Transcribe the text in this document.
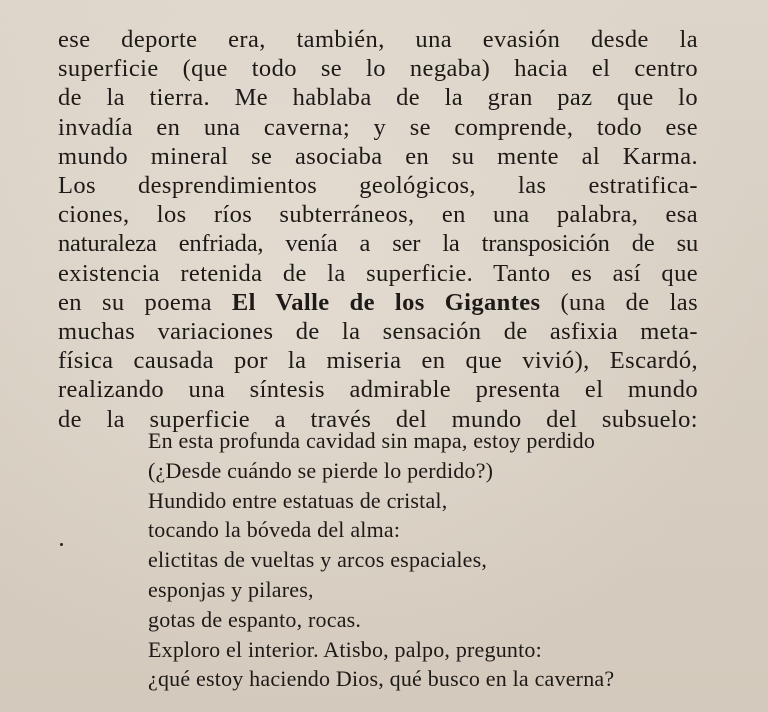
ese deporte era, también, una evasión desde la
superficie (que todo se lo negaba) hacia el centro
de la tierra. Me hablaba de la gran paz que lo
invadía en una caverna; y se comprende, todo ese
mundo mineral se asociaba en su mente al Karma.
Los desprendimientos geológicos, las estratifica-
ciones, los ríos subterráneos, en una palabra, esa
naturaleza enfriada, venía a ser la transposición de su
existencia retenida de la superficie. Tanto es así que
en su poema El Valle de los Gigantes (una de las
muchas variaciones de la sensación de asfixia meta-
física causada por la miseria en que vivió), Escardó,
realizando una síntesis admirable presenta el mundo
de la superficie a través del mundo del subsuelo:
En esta profunda cavidad sin mapa, estoy perdido
(¿Desde cuándo se pierde lo perdido?)
Hundido entre estatuas de cristal,
tocando la bóveda del alma:
elictitas de vueltas y arcos espaciales,
esponjas y pilares,
gotas de espanto, rocas.
Exploro el interior. Atisbo, palpo, pregunto:
¿qué estoy haciendo Dios, qué busco en la caverna?
